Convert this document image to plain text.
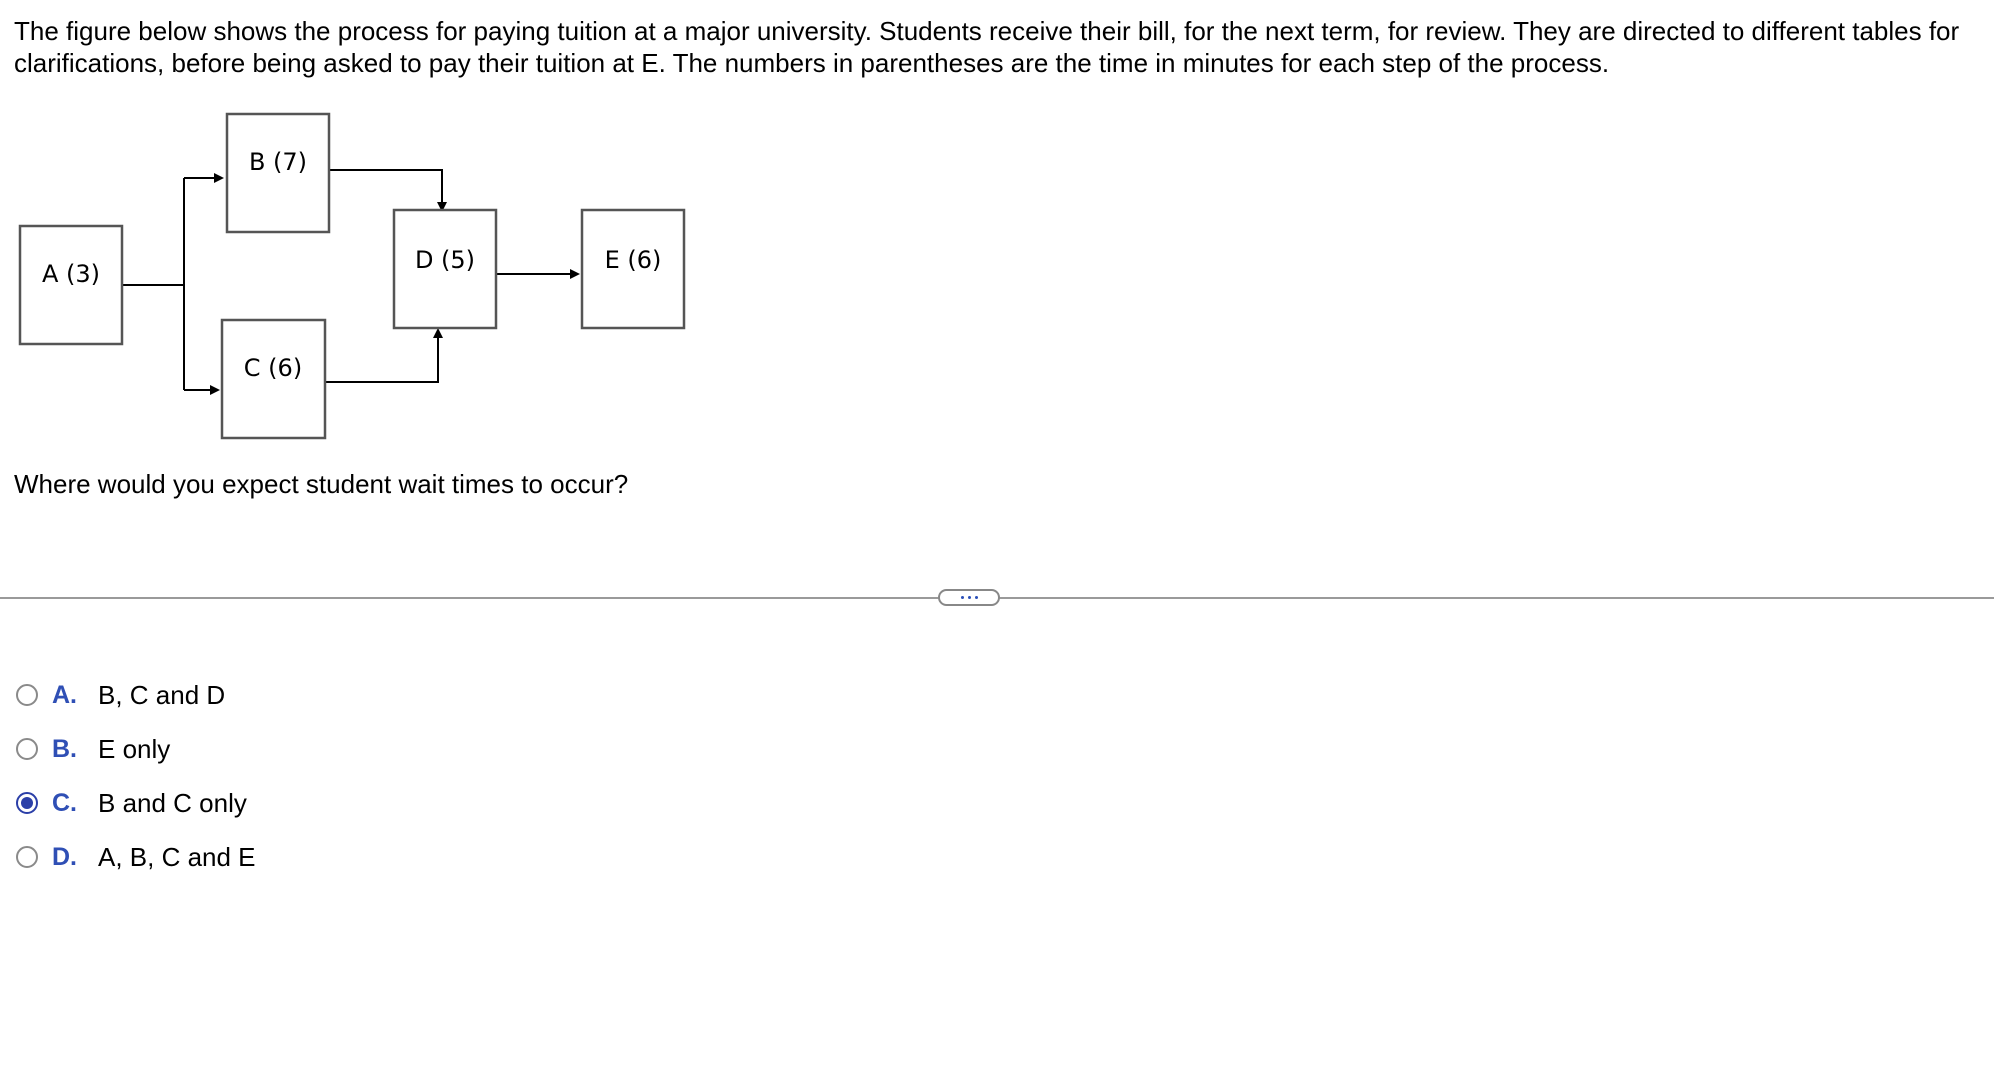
The figure below shows the process for paying tuition at a major university. Students receive their bill, for the next term, for review. They are directed to different tables for clarifications, before being asked to pay their tuition at E. The numbers in parentheses are the time in minutes for each step of the process.

A (3)
B (7)
C (6)
D (5)	E (6)
Where would you expect student wait times to occur?
A. B, C and D
B. E only
C. B and C only
D. A, B, C and E
